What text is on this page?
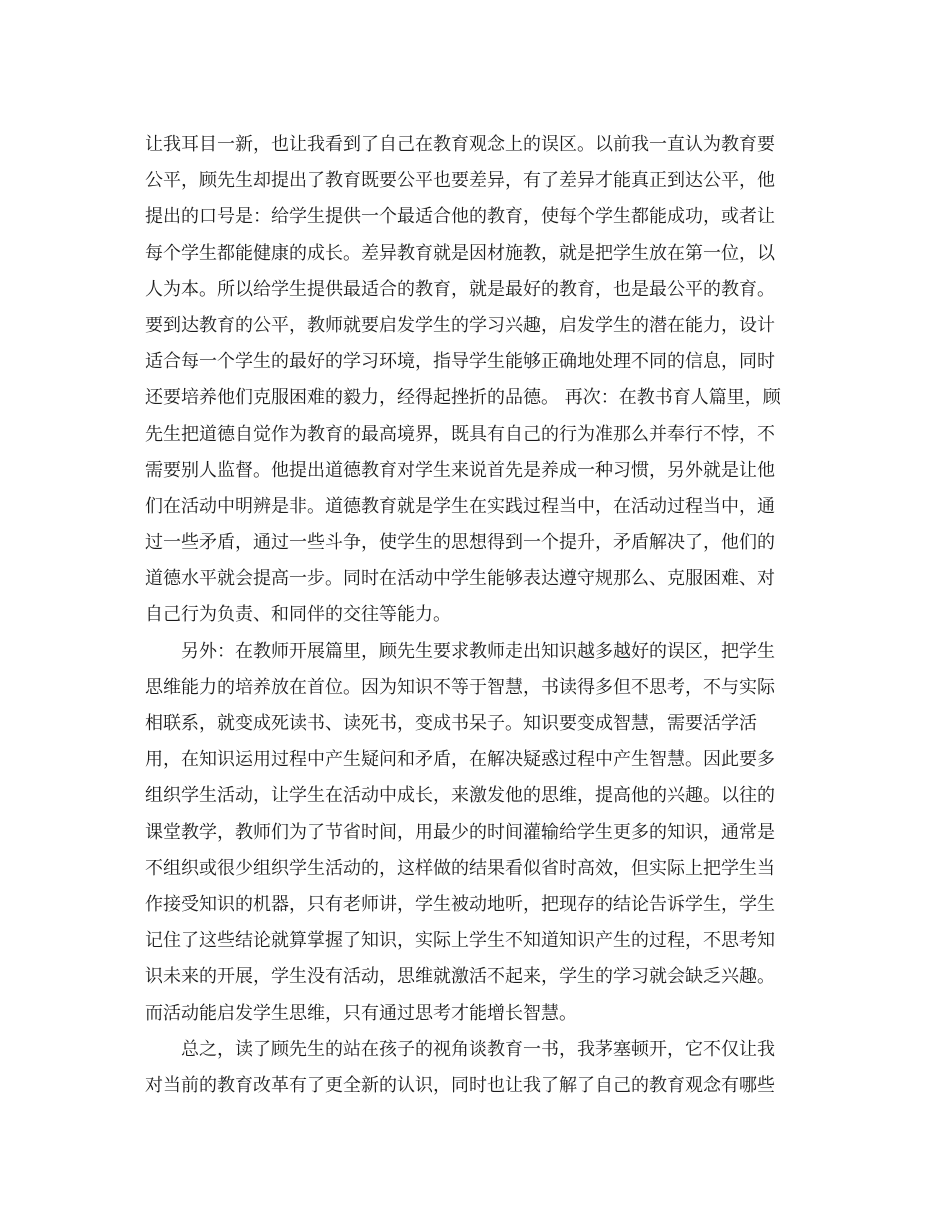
让我耳目一新，也让我看到了自己在教育观念上的误区。以前我一直认为教育要
公平，顾先生却提出了教育既要公平也要差异，有了差异才能真正到达公平，他
提出的口号是：给学生提供一个最适合他的教育，使每个学生都能成功，或者让
每个学生都能健康的成长。差异教育就是因材施教，就是把学生放在第一位，以
人为本。所以给学生提供最适合的教育，就是最好的教育，也是最公平的教育。
要到达教育的公平，教师就要启发学生的学习兴趣，启发学生的潜在能力，设计
适合每一个学生的最好的学习环境，指导学生能够正确地处理不同的信息，同时
还要培养他们克服困难的毅力，经得起挫折的品德。 再次：在教书育人篇里，顾
先生把道德自觉作为教育的最高境界，既具有自己的行为准那么并奉行不悖，不
需要别人监督。他提出道德教育对学生来说首先是养成一种习惯，另外就是让他
们在活动中明辨是非。道德教育就是学生在实践过程当中，在活动过程当中，通
过一些矛盾，通过一些斗争，使学生的思想得到一个提升，矛盾解决了，他们的
道德水平就会提高一步。同时在活动中学生能够表达遵守规那么、克服困难、对
自己行为负责、和同伴的交往等能力。
另外：在教师开展篇里，顾先生要求教师走出知识越多越好的误区，把学生
思维能力的培养放在首位。因为知识不等于智慧，书读得多但不思考，不与实际
相联系，就变成死读书、读死书，变成书呆子。知识要变成智慧，需要活学活
用，在知识运用过程中产生疑问和矛盾，在解决疑惑过程中产生智慧。因此要多
组织学生活动，让学生在活动中成长，来激发他的思维，提高他的兴趣。以往的
课堂教学，教师们为了节省时间，用最少的时间灌输给学生更多的知识，通常是
不组织或很少组织学生活动的，这样做的结果看似省时高效，但实际上把学生当
作接受知识的机器，只有老师讲，学生被动地听，把现存的结论告诉学生，学生
记住了这些结论就算掌握了知识，实际上学生不知道知识产生的过程，不思考知
识未来的开展，学生没有活动，思维就激活不起来，学生的学习就会缺乏兴趣。
而活动能启发学生思维，只有通过思考才能增长智慧。
总之，读了顾先生的站在孩子的视角谈教育一书，我茅塞顿开，它不仅让我
对当前的教育改革有了更全新的认识，同时也让我了解了自己的教育观念有哪些
